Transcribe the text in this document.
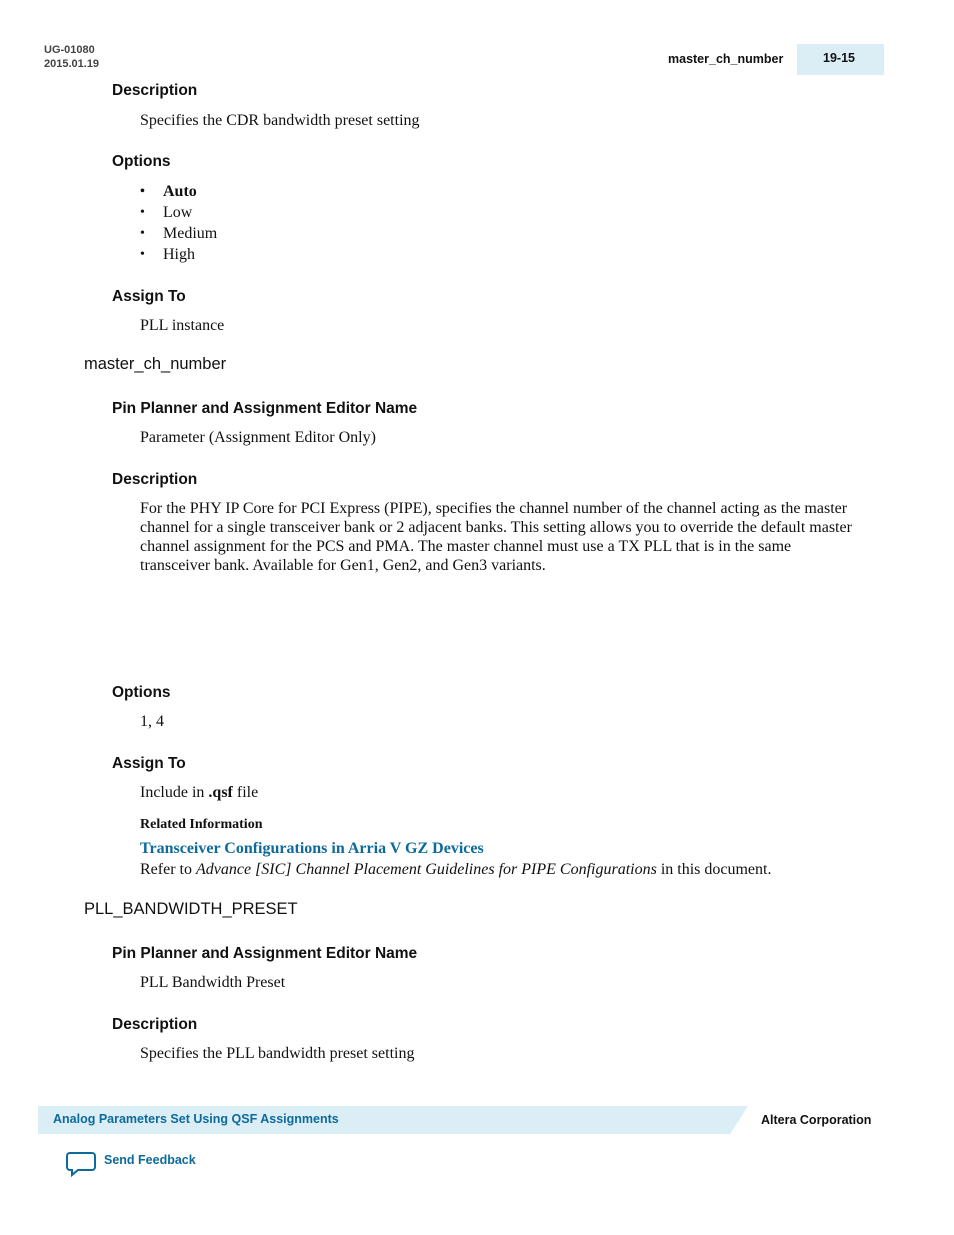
UG-01080
2015.01.19	master_ch_number	19-15
Description
Specifies the CDR bandwidth preset setting
Options
• Auto
• Low
• Medium
• High
Assign To
PLL instance
master_ch_number
Pin Planner and Assignment Editor Name
Parameter (Assignment Editor Only)
Description
For the PHY IP Core for PCI Express (PIPE), specifies the channel number of the channel acting as the master channel for a single transceiver bank or 2 adjacent banks. This setting allows you to override the default master channel assignment for the PCS and PMA. The master channel must use a TX PLL that is in the same transceiver bank. Available for Gen1, Gen2, and Gen3 variants.
Options
1, 4
Assign To
Include in .qsf file
Related Information
Transceiver Configurations in Arria V GZ Devices
Refer to Advance [SIC] Channel Placement Guidelines for PIPE Configurations in this document.
PLL_BANDWIDTH_PRESET
Pin Planner and Assignment Editor Name
PLL Bandwidth Preset
Description
Specifies the PLL bandwidth preset setting
Analog Parameters Set Using QSF Assignments	Altera Corporation
Send Feedback
